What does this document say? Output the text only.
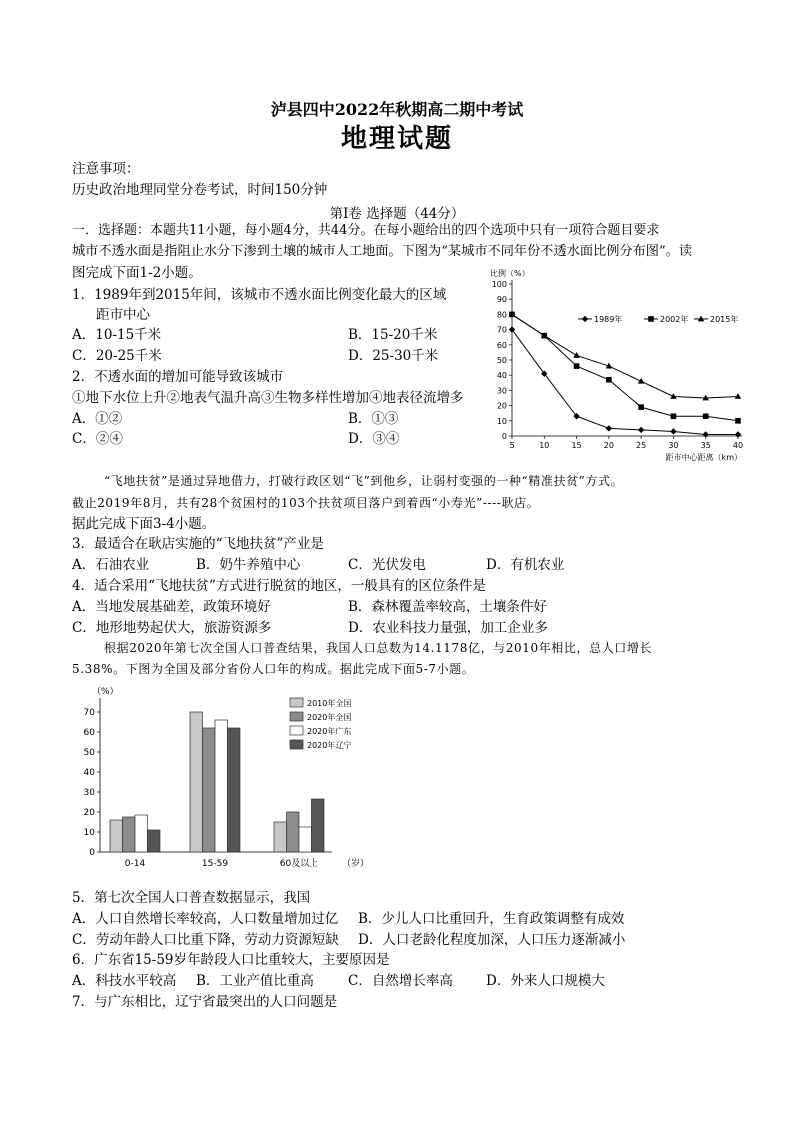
泸县四中2022年秋期高二期中考试
地理试题
注意事项：
历史政治地理同堂分卷考试，时间150分钟
第Ⅰ卷 选择题（44分）
一．选择题：本题共11小题，每小题4分，共44分。在每小题给出的四个选项中只有一项符合题目要求
城市不透水面是指阻止水分下渗到土壤的城市人工地面。下图为“某城市不同年份不透水面比例分布图”。读
图完成下面1-2小题。
1．1989年到2015年间，该城市不透水面比例变化最大的区域
距市中心
A．10-15千米	B．15-20千米
C．20-25千米	D．25-30千米
2．不透水面的增加可能导致该城市
①地下水位上升②地表气温升高③生物多样性增加④地表径流增多
A．①②	B．①③
C．②④	D．③④
比例（%）
0
10
20
30
40
50
60
70
80
90
100
5	10	15	20	25	30	35	40
距市中心距离（km）
1989年	2002年	2015年
“飞地扶贫”是通过异地借力，打破行政区划“飞”到他乡，让弱村变强的一种“精准扶贫”方式。
截止2019年8月，共有28个贫困村的103个扶贫项目落户到着西“小寿光”----耿店。
据此完成下面3-4小题。
3．最适合在耿店实施的“飞地扶贫”产业是
A．石油农业	B．奶牛养殖中心	C．光伏发电	D．有机农业
4．适合采用“飞地扶贫”方式进行脱贫的地区，一般具有的区位条件是
A．当地发展基础差，政策环境好	B．森林覆盖率较高，土壤条件好
C．地形地势起伏大，旅游资源多	D．农业科技力量强，加工企业多
根据2020年第七次全国人口普查结果，我国人口总数为14.1178亿，与2010年相比，总人口增长
5.38%。下图为全国及部分省份人口年的构成。据此完成下面5-7小题。
（%）
0
10
20
30
40
50
60
70
0-14	15-59	60及以上	（岁）
2010年全国
2020年全国
2020年广东
2020年辽宁
5．第七次全国人口普查数据显示，我国
A．人口自然增长率较高，人口数量增加过亿 B．少儿人口比重回升，生育政策调整有成效
C．劳动年龄人口比重下降，劳动力资源短缺 D．人口老龄化程度加深，人口压力逐渐减小
6．广东省15-59岁年龄段人口比重较大，主要原因是
A．科技水平较高 B．工业产值比重高	C．自然增长率高 D．外来人口规模大
7．与广东相比，辽宁省最突出的人口问题是
